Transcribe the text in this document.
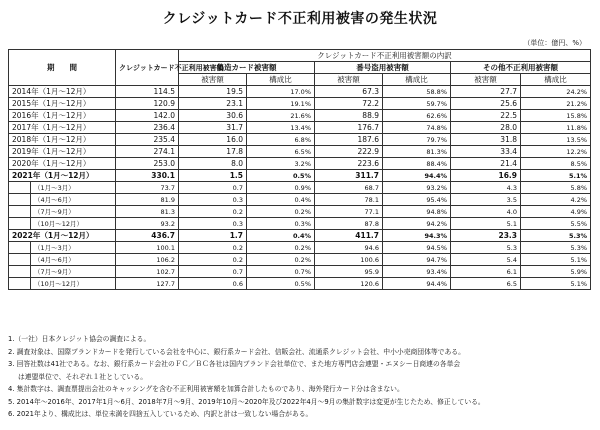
クレジットカード不正利用被害の発生状況
（単位：億円、%）
期　　間		クレジットカード不正利用被害額	クレジットカード不正利用被害額の内訳					
			偽造カード被害額		番号盗用被害額		その他不正利用被害額	
			被害額	構成比	被害額	構成比	被害額	構成比
2014年（1月～12月）		114.5	19.5	17.0%	67.3	58.8%	27.7	24.2%
2015年（1月～12月）		120.9	23.1	19.1%	72.2	59.7%	25.6	21.2%
2016年（1月～12月）		142.0	30.6	21.6%	88.9	62.6%	22.5	15.8%
2017年（1月～12月）		236.4	31.7	13.4%	176.7	74.8%	28.0	11.8%
2018年（1月～12月）		235.4	16.0	6.8%	187.6	79.7%	31.8	13.5%
2019年（1月～12月）		274.1	17.8	6.5%	222.9	81.3%	33.4	12.2%
2020年（1月～12月）		253.0	8.0	3.2%	223.6	88.4%	21.4	8.5%
2021年（1月～12月）		330.1	1.5	0.5%	311.7	94.4%	16.9	5.1%
	（1月～3月）	73.7	0.7	0.9%	68.7	93.2%	4.3	5.8%
	（4月～6月）	81.9	0.3	0.4%	78.1	95.4%	3.5	4.2%
	（7月～9月）	81.3	0.2	0.2%	77.1	94.8%	4.0	4.9%
	（10月～12月）	93.2	0.3	0.3%	87.8	94.2%	5.1	5.5%
2022年（1月～12月）		436.7	1.7	0.4%	411.7	94.3%	23.3	5.3%
	（1月～3月）	100.1	0.2	0.2%	94.6	94.5%	5.3	5.3%
	（4月～6月）	106.2	0.2	0.2%	100.6	94.7%	5.4	5.1%
	（7月～9月）	102.7	0.7	0.7%	95.9	93.4%	6.1	5.9%
	（10月～12月）	127.7	0.6	0.5%	120.6	94.4%	6.5	5.1%
1.（一社）日本クレジット協会の調査による。
2. 調査対象は、国際ブランドカードを発行している会社を中心に、銀行系カード会社、信販会社、流通系クレジット会社、中小小売商団体等である。
3. 回答社数は41社である。なお、銀行系カード会社のＦＣ／ＢＣ各社は国内ブランド会社単位で、また地方専門店会連盟・エヌシー日商連の各単会
は連盟単位で、それぞれ１社としている。
4. 集計数字は、調査票提出会社のキャッシングを含む不正利用被害額を加算合計したものであり、海外発行カード分は含まない。
5. 2014年～2016年、2017年1月～6月、2018年7月～9月、2019年10月～2020年及び2022年4月～9月の集計数字は変更が生じたため、修正している。
6. 2021年より、構成比は、単位未満を四捨五入しているため、内訳と計は一致しない場合がある。
